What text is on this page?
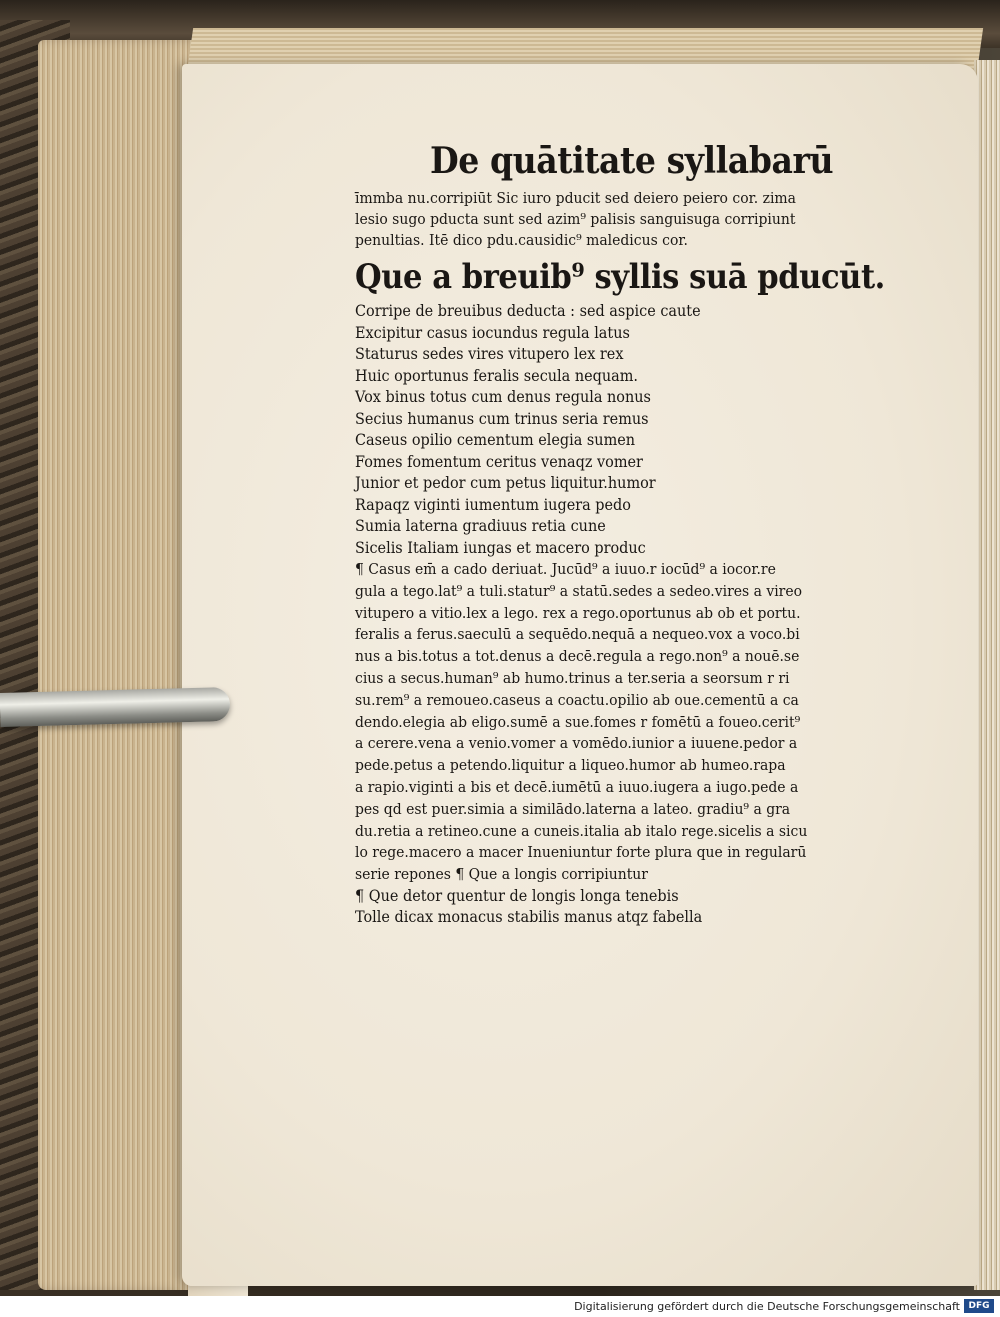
De quātitate syllabarū
īmmba nu.corripiūt Sic iuro pducit sed deiero peiero cor. zima
lesio sugo pducta sunt sed azim⁹ palisis sanguisuga corripiunt
penultias. Itē dico pdu.causidic⁹ maledicus cor.
Que a breuib⁹ syllis suā pducūt.
Corripe de breuibus deducta : sed aspice caute
Excipitur casus iocundus regula latus
Staturus sedes vires vitupero lex rex
Huic oportunus feralis secula nequam.
Vox binus totus cum denus regula nonus
Secius humanus cum trinus seria remus
Caseus opilio cementum elegia sumen
Fomes fomentum ceritus venaqz vomer
Junior et pedor cum petus liquitur.humor
Rapaqz viginti iumentum iugera pedo
Sumia laterna gradiuus retia cune
Sicelis Italiam iungas et macero produc
¶ Casus em̄ a cado deriuat. Jucūd⁹ a iuuo.r iocūd⁹ a iocor.re
gula a tego.lat⁹ a tuli.statur⁹ a statū.sedes a sedeo.vires a vireo
vitupero a vitio.lex a lego. rex a rego.oportunus ab ob et portu.
feralis a ferus.saeculū a sequēdo.nequā a nequeo.vox a voco.bi
nus a bis.totus a tot.denus a decē.regula a rego.non⁹ a nouē.se
cius a secus.human⁹ ab humo.trinus a ter.seria a seorsum r ri
su.rem⁹ a remoueo.caseus a coactu.opilio ab oue.cementū a ca
dendo.elegia ab eligo.sumē a sue.fomes r fomētū a foueo.cerit⁹
a cerere.vena a venio.vomer a vomēdo.iunior a iuuene.pedor a
pede.petus a petendo.liquitur a liqueo.humor ab humeo.rapa
a rapio.viginti a bis et decē.iumētū a iuuo.iugera a iugo.pede a
pes qd est puer.simia a similādo.laterna a lateo. gradiu⁹ a gra
du.retia a retineo.cune a cuneis.italia ab italo rege.sicelis a sicu
lo rege.macero a macer Inueniuntur forte plura que in regularū
serie repones ¶ Que a longis corripiuntur
¶ Que detor quentur de longis longa tenebis
Tolle dicax monacus stabilis manus atqz fabella
Digitalisierung gefördert durch die Deutsche Forschungsgemeinschaft DFG
